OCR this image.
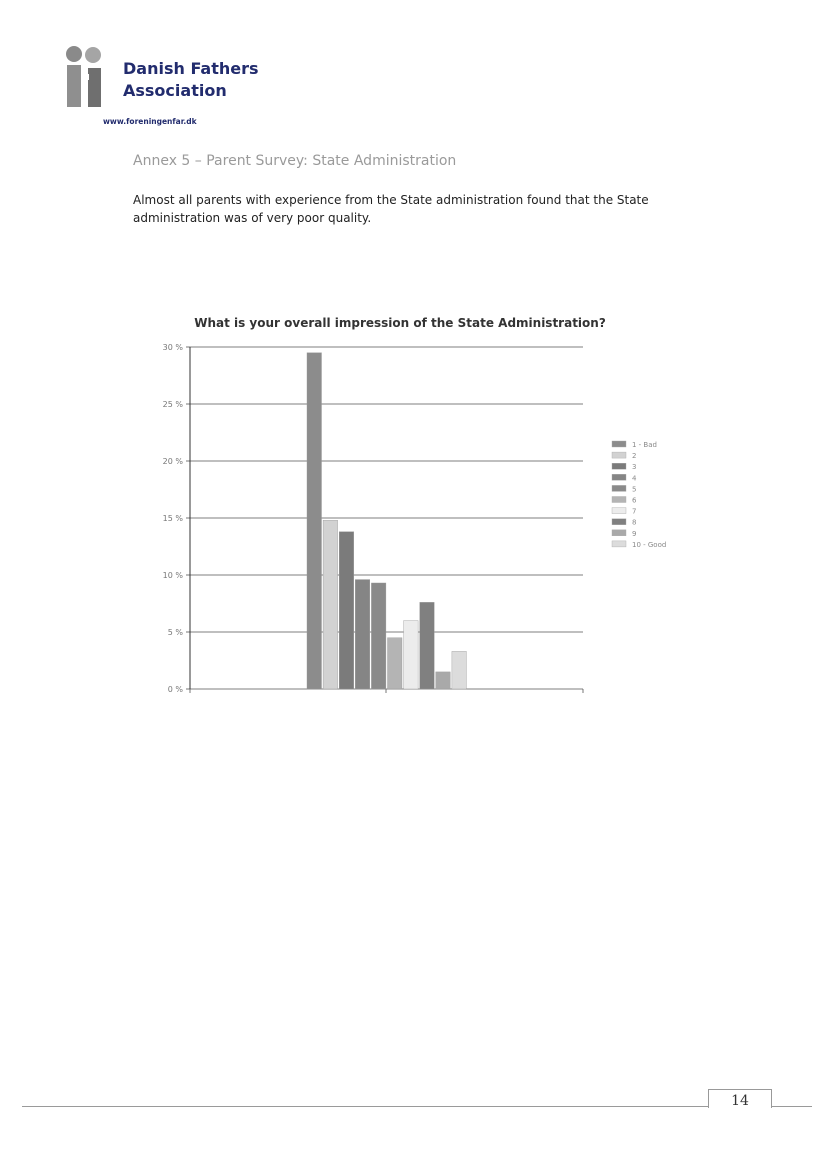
Danish Fathers
Association
www.foreningenfar.dk
Annex 5 – Parent Survey: State Administration
Almost all parents with experience from the State administration found that the State administration was of very poor quality.
What is your overall impression of the State Administration?
0 %
5 %
10 %
15 %
20 %
25 %
30 %
1 - Bad
2
3
4
5
6
7
8
9
10 - Good
14
